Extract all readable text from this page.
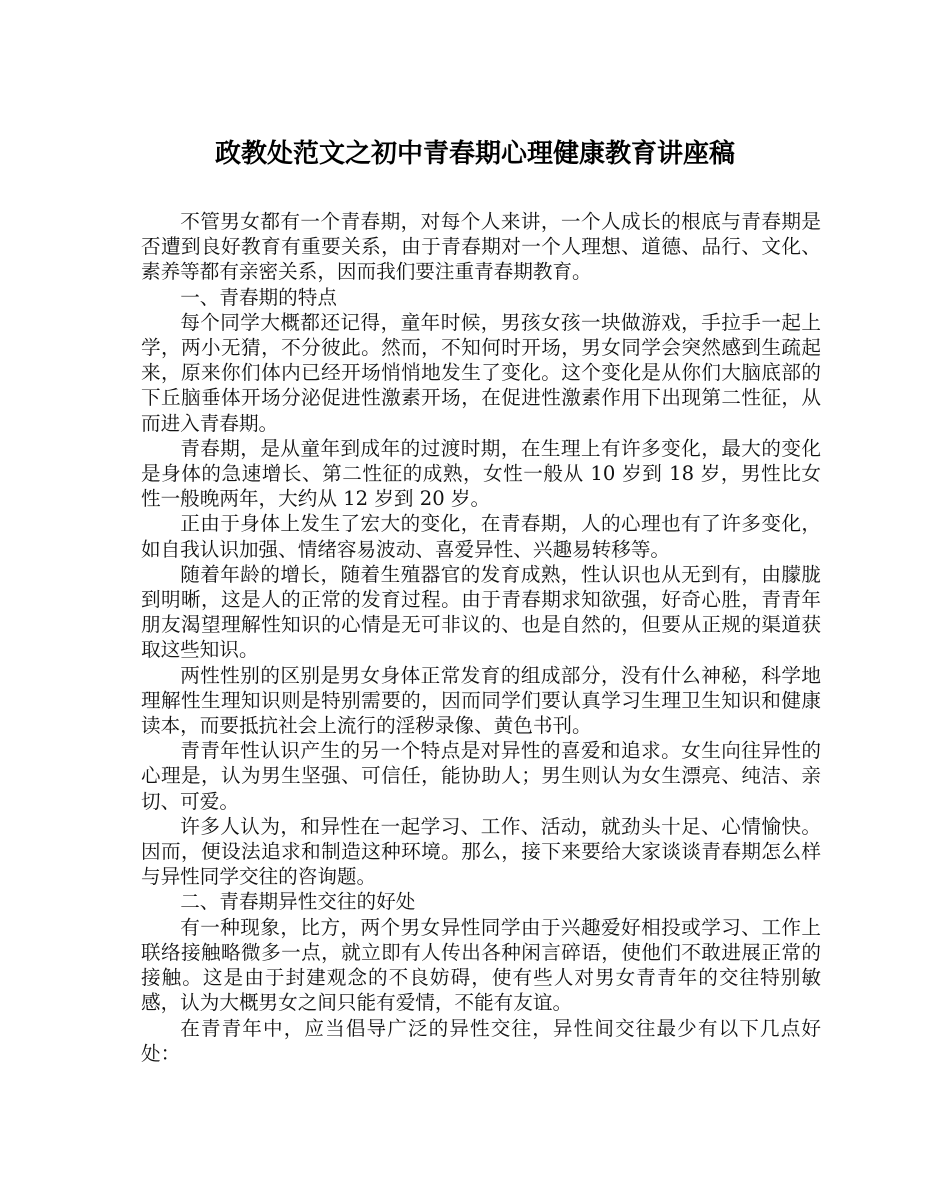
政教处范文之初中青春期心理健康教育讲座稿

不管男女都有一个青春期，对每个人来讲，一个人成长的根底与青春期是否遭到良好教育有重要关系，由于青春期对一个人理想、道德、品行、文化、素养等都有亲密关系，因而我们要注重青春期教育。

一、青春期的特点

每个同学大概都还记得，童年时候，男孩女孩一块做游戏，手拉手一起上学，两小无猜，不分彼此。然而，不知何时开场，男女同学会突然感到生疏起来，原来你们体内已经开场悄悄地发生了变化。这个变化是从你们大脑底部的下丘脑垂体开场分泌促进性激素开场，在促进性激素作用下出现第二性征，从而进入青春期。

青春期，是从童年到成年的过渡时期，在生理上有许多变化，最大的变化是身体的急速增长、第二性征的成熟，女性一般从 10 岁到 18 岁，男性比女性一般晚两年，大约从 12 岁到 20 岁。

正由于身体上发生了宏大的变化，在青春期，人的心理也有了许多变化，如自我认识加强、情绪容易波动、喜爱异性、兴趣易转移等。

随着年龄的增长，随着生殖器官的发育成熟，性认识也从无到有，由朦胧到明晰，这是人的正常的发育过程。由于青春期求知欲强，好奇心胜，青青年朋友渴望理解性知识的心情是无可非议的、也是自然的，但要从正规的渠道获取这些知识。

两性性别的区别是男女身体正常发育的组成部分，没有什么神秘，科学地理解性生理知识则是特别需要的，因而同学们要认真学习生理卫生知识和健康读本，而要抵抗社会上流行的淫秽录像、黄色书刊。

青青年性认识产生的另一个特点是对异性的喜爱和追求。女生向往异性的心理是，认为男生坚强、可信任，能协助人；男生则认为女生漂亮、纯洁、亲切、可爱。

许多人认为，和异性在一起学习、工作、活动，就劲头十足、心情愉快。因而，便设法追求和制造这种环境。那么，接下来要给大家谈谈青春期怎么样与异性同学交往的咨询题。

二、青春期异性交往的好处

有一种现象，比方，两个男女异性同学由于兴趣爱好相投或学习、工作上联络接触略微多一点，就立即有人传出各种闲言碎语，使他们不敢进展正常的接触。这是由于封建观念的不良妨碍，使有些人对男女青青年的交往特别敏感，认为大概男女之间只能有爱情，不能有友谊。

在青青年中，应当倡导广泛的异性交往，异性间交往最少有以下几点好处：
